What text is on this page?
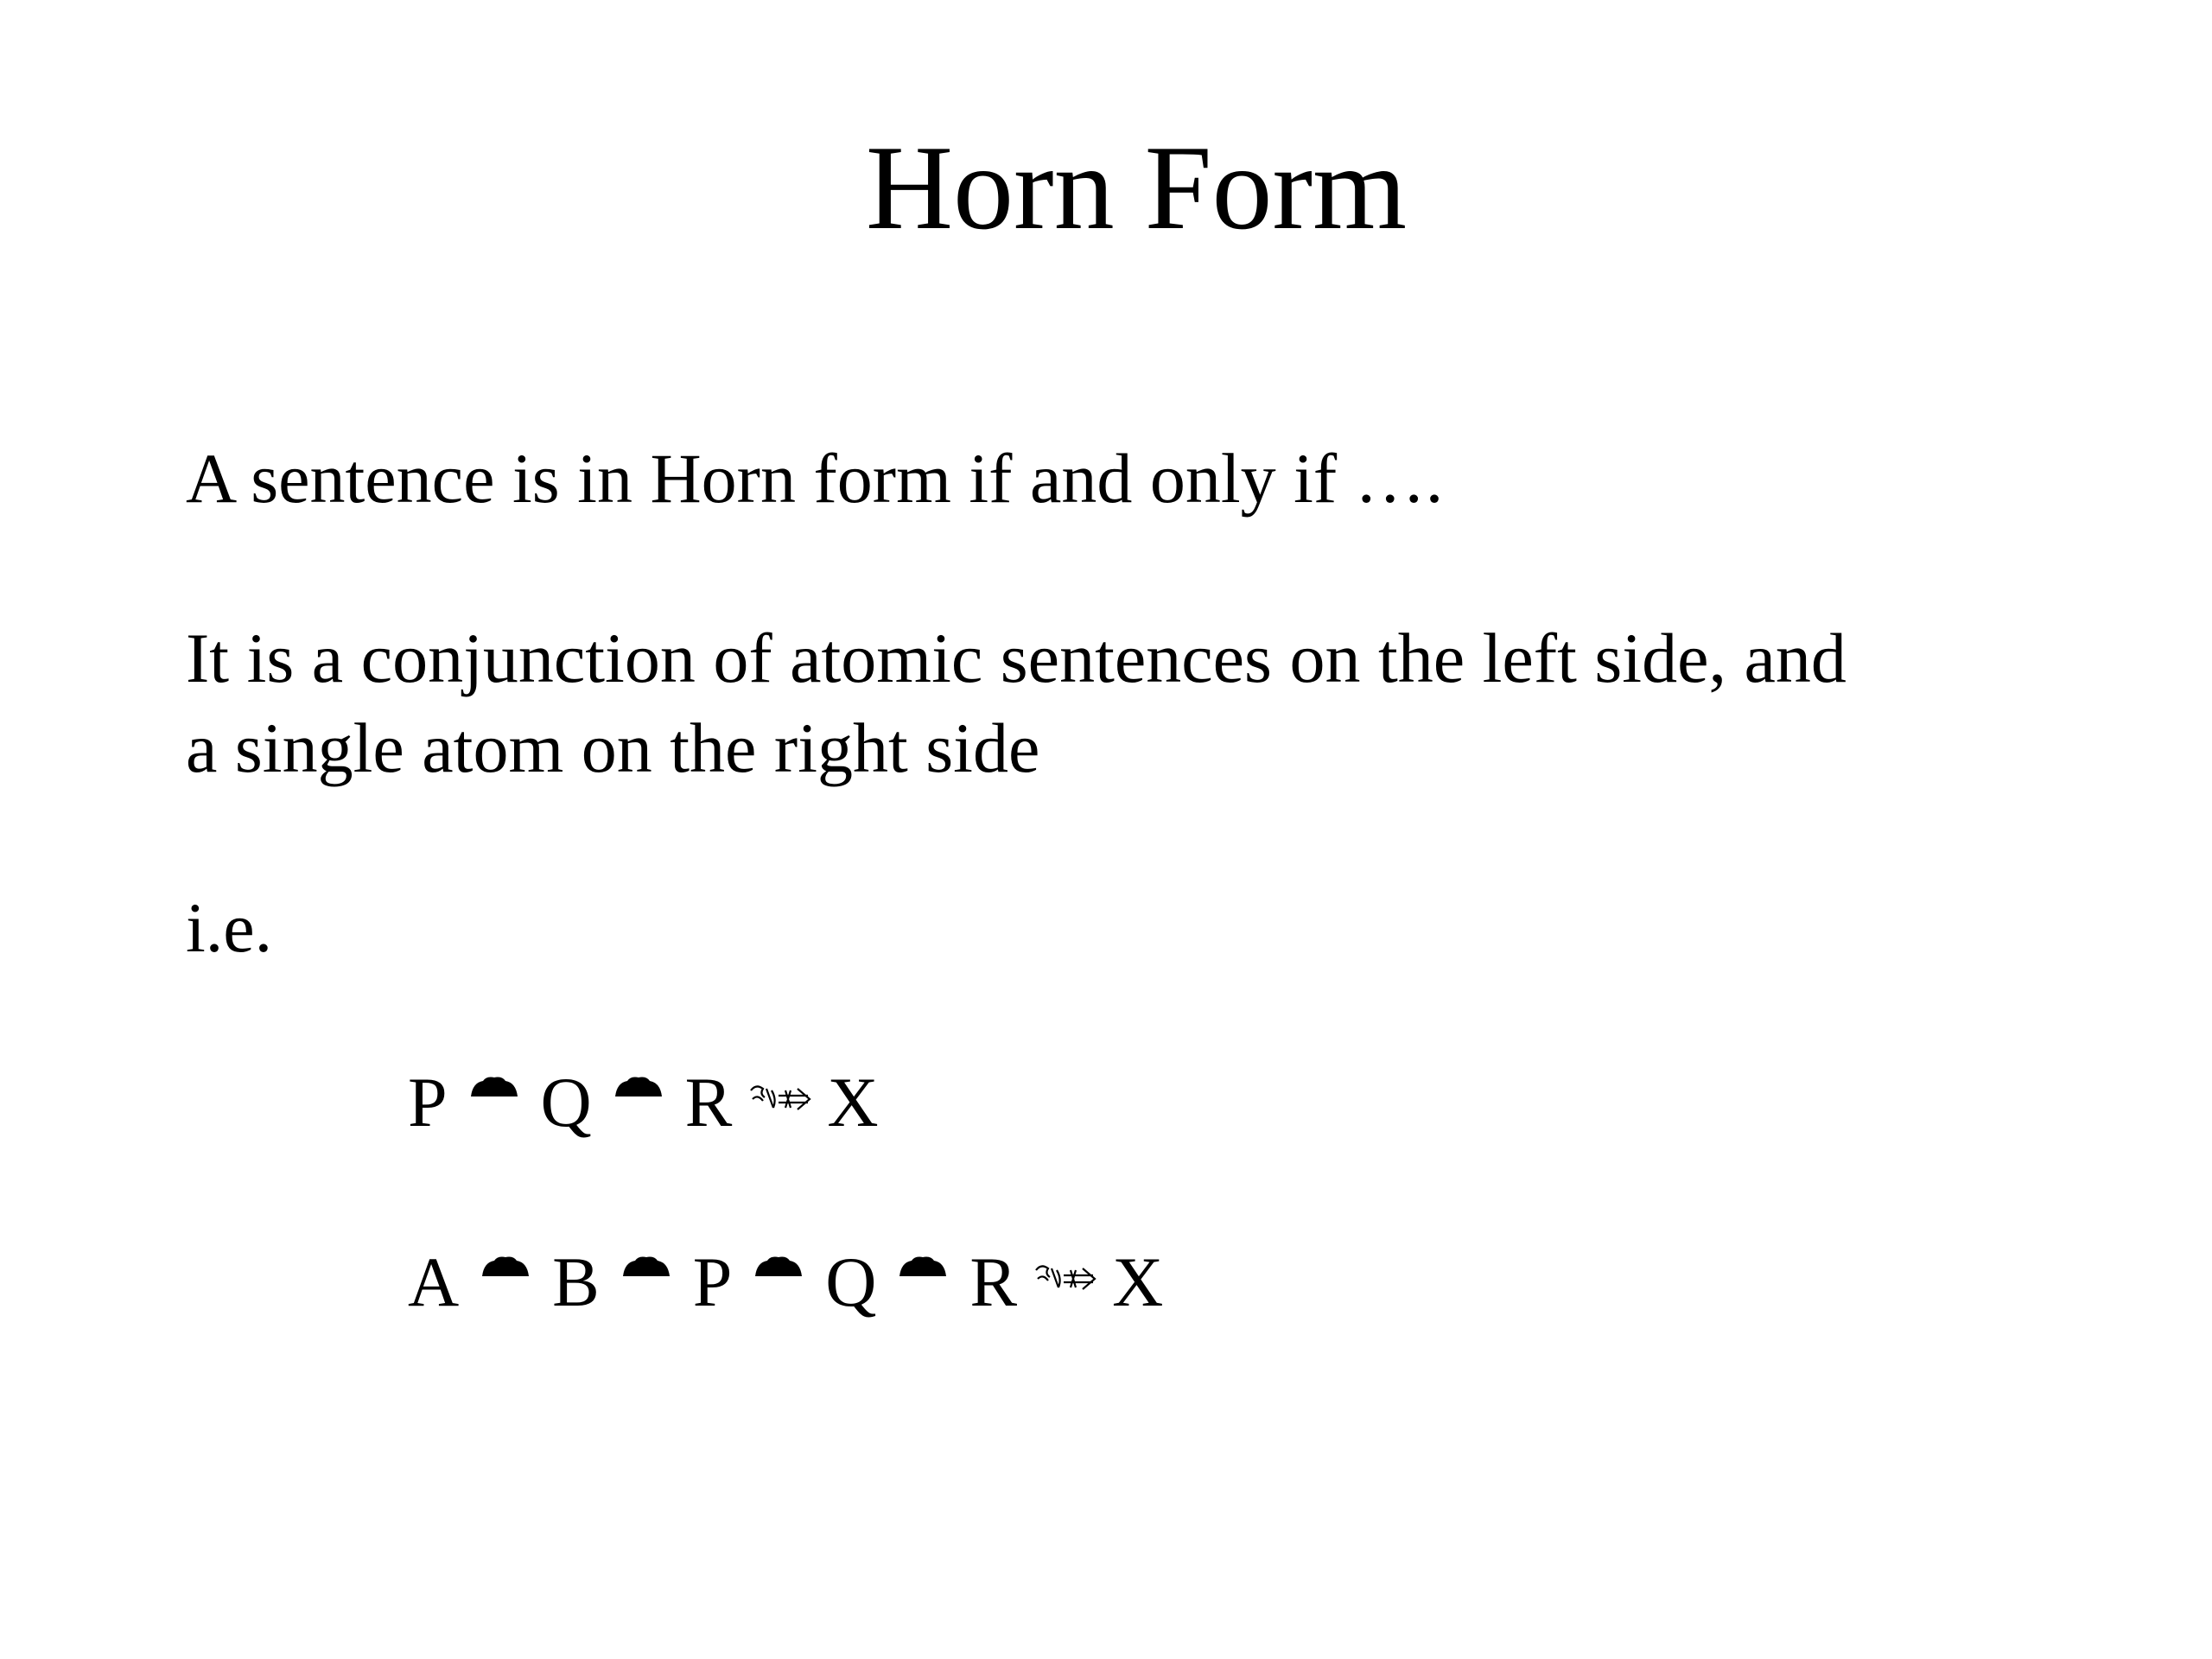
Horn Form
A sentence is in Horn form if and only if ….
It is a conjunction of atomic sentences on the left side, and
a single atom on the right side
i.e.
P Q R X
A B P Q R X
